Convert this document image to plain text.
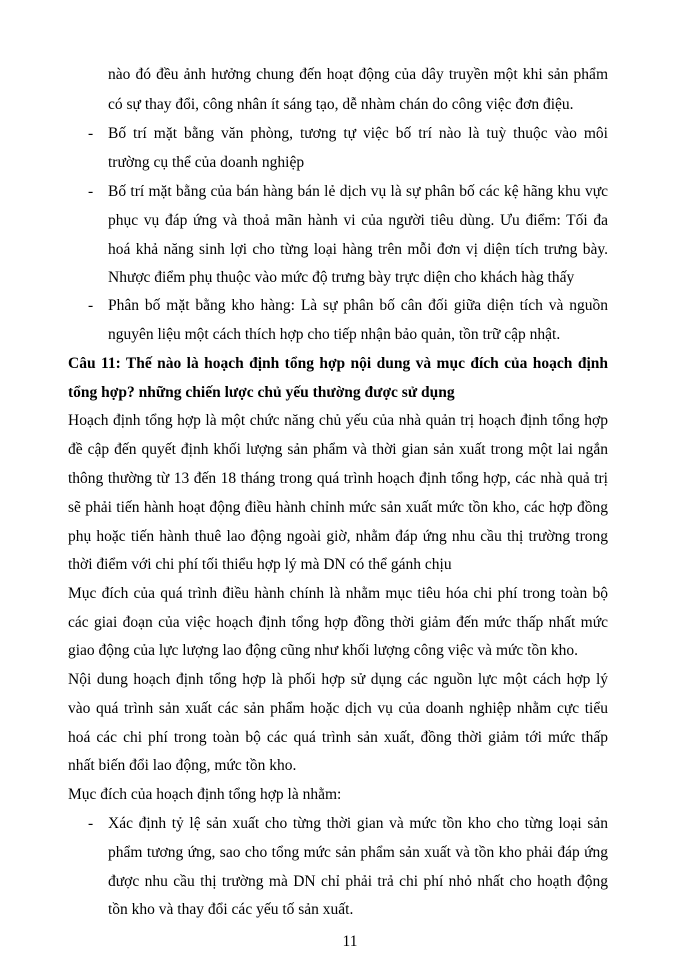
nào đó đều ảnh hưởng chung đến hoạt động của dây truyền một khi sản phẩm
có sự thay đổi, công nhân ít sáng tạo, dễ nhàm chán do công việc đơn điệu.
- Bố trí mặt bằng văn phòng, tương tự việc bố trí nào là tuỳ thuộc vào môi
trường cụ thể của doanh nghiệp
- Bố trí mặt bằng của bán hàng bán lẻ dịch vụ là sự phân bố các kệ hãng khu vực
phục vụ đáp ứng và thoả mãn hành vi của người tiêu dùng. Ưu điểm: Tối đa
hoá khả năng sinh lợi cho từng loại hàng trên mỗi đơn vị diện tích trưng bày.
Nhược điểm phụ thuộc vào mức độ trưng bày trực diện cho khách hàg thấy
- Phân bố mặt bằng kho hàng: Là sự phân bố cân đối giữa diện tích và nguồn
nguyên liệu một cách thích hợp cho tiếp nhận bảo quản, tồn trữ cập nhật.
Câu 11: Thế nào là hoạch định tổng hợp nội dung và mục đích của hoạch định
tổng hợp? những chiến lược chủ yếu thường được sử dụng
Hoạch định tổng hợp là một chức năng chủ yếu của nhà quản trị hoạch định tổng hợp
đề cập đến quyết định khối lượng sản phẩm và thời gian sản xuất trong một lai ngắn
thông thường từ 13 đến 18 tháng trong quá trình hoạch định tổng hợp, các nhà quả trị
sẽ phải tiến hành hoạt động điều hành chỉnh mức sản xuất mức tồn kho, các hợp đồng
phụ hoặc tiến hành thuê lao động ngoài giờ, nhằm đáp ứng nhu cầu thị trường trong
thời điểm với chi phí tối thiểu hợp lý mà DN có thể gánh chịu
Mục đích của quá trình điều hành chính là nhằm mục tiêu hóa chi phí trong toàn bộ
các giai đoạn của việc hoạch định tổng hợp đồng thời giảm đến mức thấp nhất mức
giao động của lực lượng lao động cũng như khối lượng công việc và mức tồn kho.
Nội dung hoạch định tổng hợp là phối hợp sử dụng các nguồn lực một cách hợp lý
vào quá trình sản xuất các sản phẩm hoặc dịch vụ của doanh nghiệp nhằm cực tiểu
hoá các chi phí trong toàn bộ các quá trình sản xuất, đồng thời giảm tới mức thấp
nhất biến đổi lao động, mức tồn kho.
Mục đích của hoạch định tổng hợp là nhằm:
- Xác định tỷ lệ sản xuất cho từng thời gian và mức tồn kho cho từng loại sản
phẩm tương ứng, sao cho tổng mức sản phẩm sản xuất và tồn kho phải đáp ứng
được nhu cầu thị trường mà DN chỉ phải trả chi phí nhỏ nhất cho hoạth động
tồn kho và thay đổi các yếu tố sản xuất.
11
